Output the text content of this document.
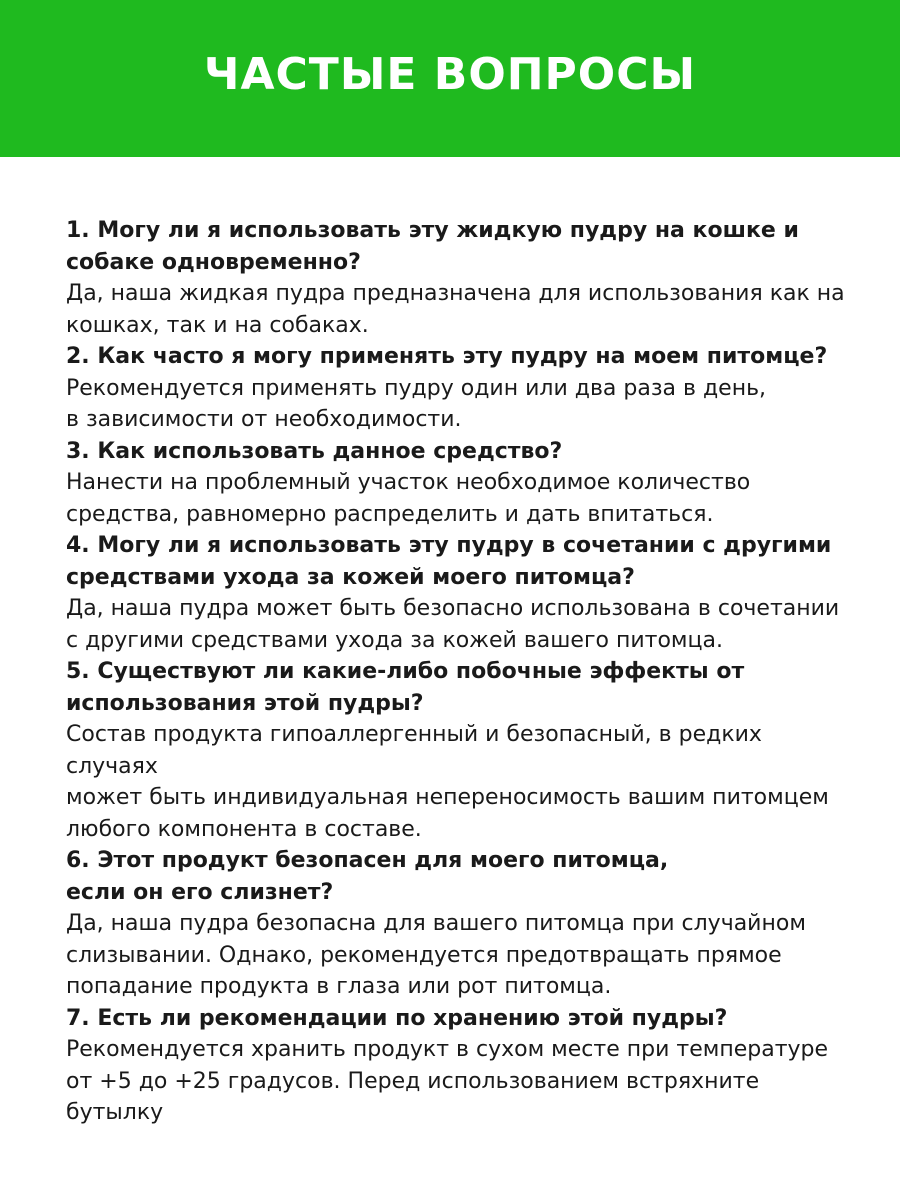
ЧАСТЫЕ ВОПРОСЫ

1. Могу ли я использовать эту жидкую пудру на кошке и
собаке одновременно?

Да, наша жидкая пудра предназначена для использования как на
кошках, так и на собаках.

2. Как часто я могу применять эту пудру на моем питомце?

Рекомендуется применять пудру один или два раза в день,
в зависимости от необходимости.

3. Как использовать данное средство?

Нанести на проблемный участок необходимое количество
средства, равномерно распределить и дать впитаться.

4. Могу ли я использовать эту пудру в сочетании с другими
средствами ухода за кожей моего питомца?

Да, наша пудра может быть безопасно использована в сочетании
с другими средствами ухода за кожей вашего питомца.

5. Существуют ли какие-либо побочные эффекты от
использования этой пудры?

Состав продукта гипоаллергенный и безопасный, в редких случаях
может быть индивидуальная непереносимость вашим питомцем
любого компонента в составе.

6. Этот продукт безопасен для моего питомца,
если он его слизнет?

Да, наша пудра безопасна для вашего питомца при случайном
слизывании. Однако, рекомендуется предотвращать прямое
попадание продукта в глаза или рот питомца.

7. Есть ли рекомендации по хранению этой пудры?

Рекомендуется хранить продукт в сухом месте при температуре
от +5 до +25 градусов. Перед использованием встряхните
бутылку
